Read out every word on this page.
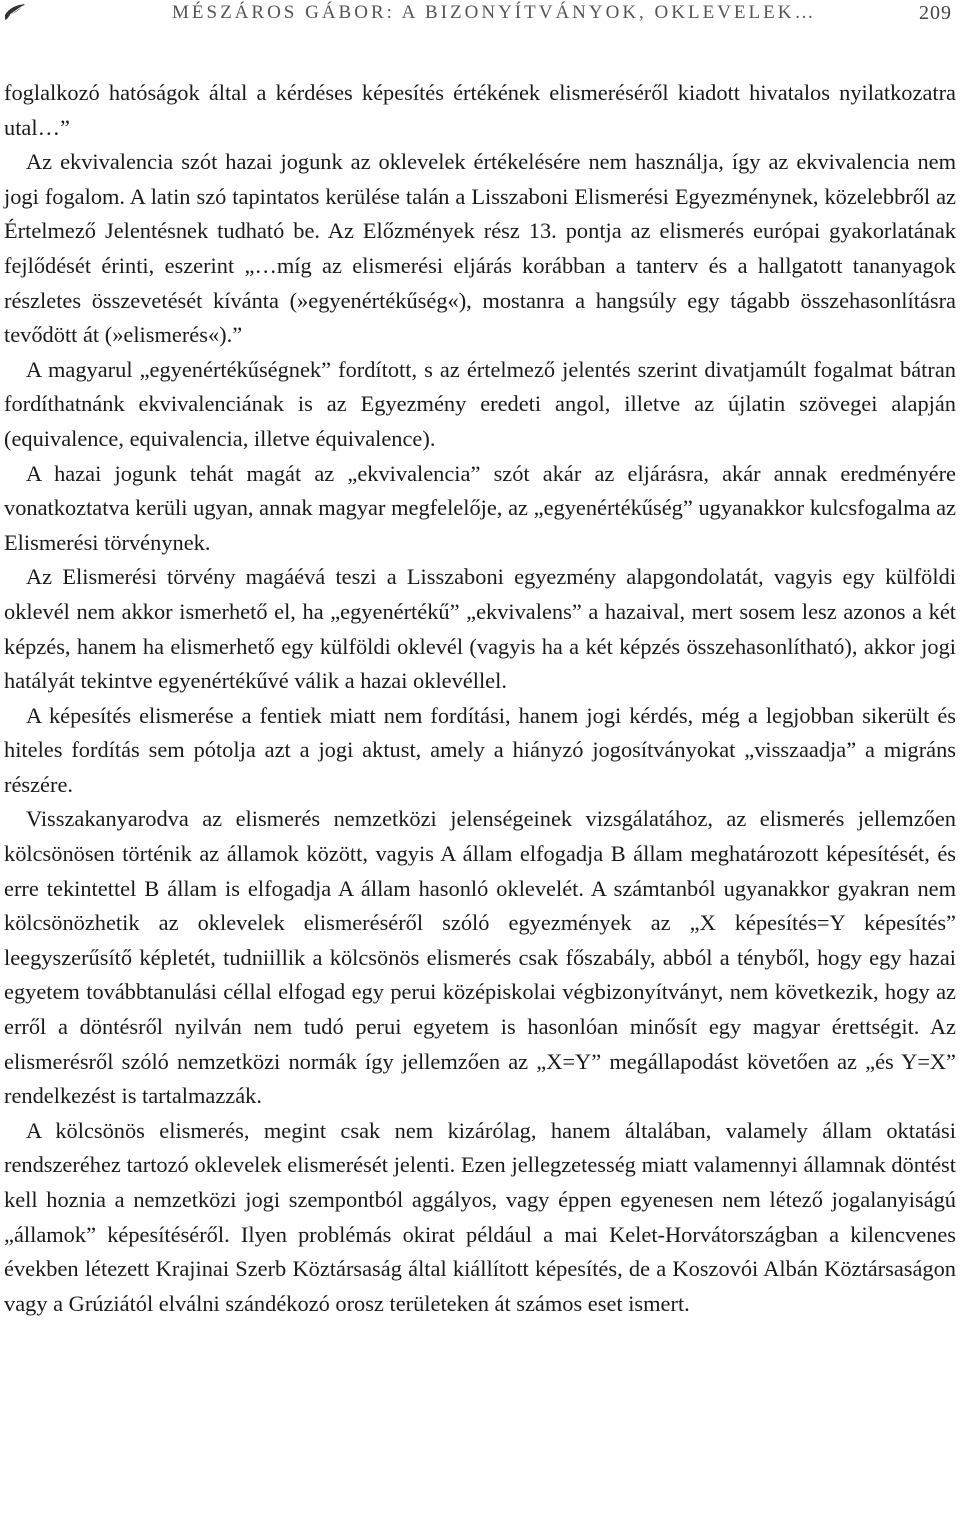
MÉSZÁROS GÁBOR: A BIZONYÍTVÁNYOK, OKLEVELEK…	209

foglalkozó hatóságok által a kérdéses képesítés értékének elismeréséről kiadott hivatalos nyilatkozatra utal…”

Az ekvivalencia szót hazai jogunk az oklevelek értékelésére nem használja, így az ekvivalencia nem jogi fogalom. A latin szó tapintatos kerülése talán a Lisszaboni Elismerési Egyezménynek, közelebbről az Értelmező Jelentésnek tudható be. Az Előzmények rész 13. pontja az elismerés európai gyakorlatának fejlődését érinti, eszerint „…míg az elismerési eljárás korábban a tanterv és a hallgatott tananyagok részletes összevetését kívánta (»egyenértékűség«), mostanra a hangsúly egy tágabb összehasonlításra tevődött át (»elismerés«).”

A magyarul „egyenértékűségnek” fordított, s az értelmező jelentés szerint divatjamúlt fogalmat bátran fordíthatnánk ekvivalenciának is az Egyezmény eredeti angol, illetve az újlatin szövegei alapján (equivalence, equivalencia, illetve équivalence).

A hazai jogunk tehát magát az „ekvivalencia” szót akár az eljárásra, akár annak eredményére vonatkoztatva kerüli ugyan, annak magyar megfelelője, az „egyenértékűség” ugyanakkor kulcsfogalma az Elismerési törvénynek.

Az Elismerési törvény magáévá teszi a Lisszaboni egyezmény alapgondolatát, vagyis egy külföldi oklevél nem akkor ismerhető el, ha „egyenértékű” „ekvivalens” a hazaival, mert sosem lesz azonos a két képzés, hanem ha elismerhető egy külföldi oklevél (vagyis ha a két képzés összehasonlítható), akkor jogi hatályát tekintve egyenértékűvé válik a hazai oklevéllel.

A képesítés elismerése a fentiek miatt nem fordítási, hanem jogi kérdés, még a legjobban sikerült és hiteles fordítás sem pótolja azt a jogi aktust, amely a hiányzó jogosítványokat „visszaadja” a migráns részére.

Visszakanyarodva az elismerés nemzetközi jelenségeinek vizsgálatához, az elismerés jellemzően kölcsönösen történik az államok között, vagyis A állam elfogadja B állam meghatározott képesítését, és erre tekintettel B állam is elfogadja A állam hasonló oklevelét. A számtanból ugyanakkor gyakran nem kölcsönözhetik az oklevelek elismeréséről szóló egyezmények az „X képesítés=Y képesítés” leegyszerűsítő képletét, tudniillik a kölcsönös elismerés csak főszabály, abból a tényből, hogy egy hazai egyetem továbbtanulási céllal elfogad egy perui középiskolai végbizonyítványt, nem következik, hogy az erről a döntésről nyilván nem tudó perui egyetem is hasonlóan minősít egy magyar érettségit. Az elismerésről szóló nemzetközi normák így jellemzően az „X=Y” megállapodást követően az „és Y=X” rendelkezést is tartalmazzák.

A kölcsönös elismerés, megint csak nem kizárólag, hanem általában, valamely állam oktatási rendszeréhez tartozó oklevelek elismerését jelenti. Ezen jellegzetesség miatt valamennyi államnak döntést kell hoznia a nemzetközi jogi szempontból aggályos, vagy éppen egyenesen nem létező jogalanyiságú „államok” képesítéséről. Ilyen problémás okirat például a mai Kelet-Horvátországban a kilencvenes években létezett Krajinai Szerb Köztársaság által kiállított képesítés, de a Koszovói Albán Köztársaságon vagy a Grúziától elválni szándékozó orosz területeken át számos eset ismert.
